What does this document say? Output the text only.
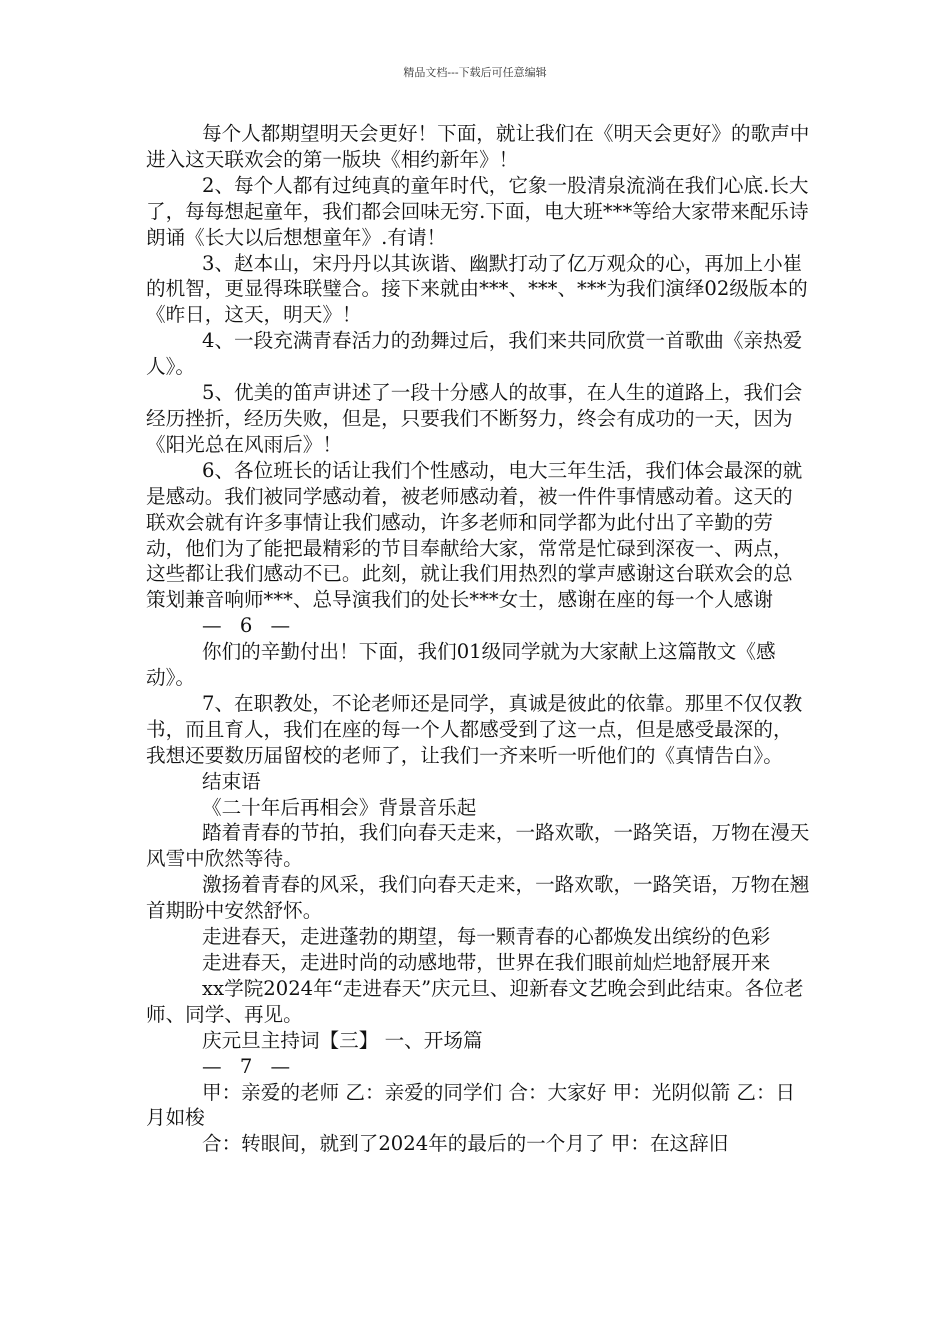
精品文档---下载后可任意编辑

每个人都期望明天会更好！下面，就让我们在《明天会更好》的歌声中进入这天联欢会的第一版块《相约新年》！

2、每个人都有过纯真的童年时代，它象一股清泉流淌在我们心底.长大了，每每想起童年，我们都会回味无穷.下面，电大班***等给大家带来配乐诗朗诵《长大以后想想童年》.有请！

3、赵本山，宋丹丹以其诙谐、幽默打动了亿万观众的心，再加上小崔的机智，更显得珠联璧合。接下来就由***、***、***为我们演绎02级版本的《昨日，这天，明天》！

4、一段充满青春活力的劲舞过后，我们来共同欣赏一首歌曲《亲热爱人》。

5、优美的笛声讲述了一段十分感人的故事，在人生的道路上，我们会经历挫折，经历失败，但是，只要我们不断努力，终会有成功的一天，因为《阳光总在风雨后》！

6、各位班长的话让我们个性感动，电大三年生活，我们体会最深的就是感动。我们被同学感动着，被老师感动着，被一件件事情感动着。这天的联欢会就有许多事情让我们感动，许多老师和同学都为此付出了辛勤的劳动，他们为了能把最精彩的节目奉献给大家，常常是忙碌到深夜一、两点，这些都让我们感动不已。此刻，就让我们用热烈的掌声感谢这台联欢会的总策划兼音响师***、总导演我们的处长***女士，感谢在座的每一个人感谢

— 6 —

你们的辛勤付出！下面，我们01级同学就为大家献上这篇散文《感动》。

7、在职教处，不论老师还是同学，真诚是彼此的依靠。那里不仅仅教书，而且育人，我们在座的每一个人都感受到了这一点，但是感受最深的，我想还要数历届留校的老师了，让我们一齐来听一听他们的《真情告白》。

结束语

《二十年后再相会》背景音乐起

踏着青春的节拍，我们向春天走来，一路欢歌，一路笑语，万物在漫天风雪中欣然等待。

激扬着青春的风采，我们向春天走来，一路欢歌，一路笑语，万物在翘首期盼中安然舒怀。

走进春天，走进蓬勃的期望，每一颗青春的心都焕发出缤纷的色彩

走进春天，走进时尚的动感地带，世界在我们眼前灿烂地舒展开来

xx学院2024年“走进春天”庆元旦、迎新春文艺晚会到此结束。各位老师、同学、再见。

庆元旦主持词【三】 一、开场篇

— 7 —

甲：亲爱的老师 乙：亲爱的同学们 合：大家好 甲：光阴似箭 乙：日月如梭

合：转眼间，就到了2024年的最后的一个月了 甲：在这辞旧
